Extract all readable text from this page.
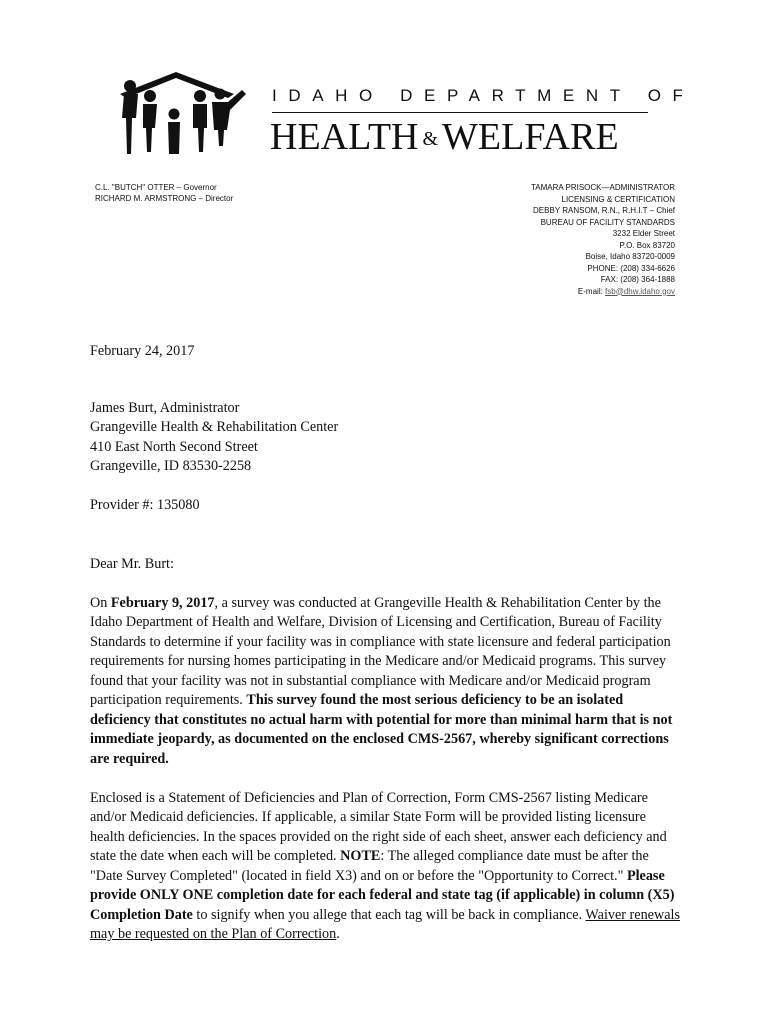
IDAHO DEPARTMENT OF
HEALTH & WELFARE
C.L. "BUTCH" OTTER – Governor
RICHARD M. ARMSTRONG – Director
TAMARA PRISOCK—ADMINISTRATOR
LICENSING & CERTIFICATION
DEBBY RANSOM, R.N., R.H.I.T – Chief
BUREAU OF FACILITY STANDARDS
3232 Elder Street
P.O. Box 83720
Boise, Idaho 83720-0009
PHONE: (208) 334-6626
FAX: (208) 364-1888
E-mail: fsb@dhw.idaho.gov

February 24, 2017

James Burt, Administrator

Grangeville Health & Rehabilitation Center

410 East North Second Street

Grangeville, ID 83530-2258

Provider #: 135080

Dear Mr. Burt:

On February 9, 2017, a survey was conducted at Grangeville Health & Rehabilitation Center by the Idaho Department of Health and Welfare, Division of Licensing and Certification, Bureau of Facility Standards to determine if your facility was in compliance with state licensure and federal participation requirements for nursing homes participating in the Medicare and/or Medicaid programs. This survey found that your facility was not in substantial compliance with Medicare and/or Medicaid program participation requirements. This survey found the most serious deficiency to be an isolated deficiency that constitutes no actual harm with potential for more than minimal harm that is not immediate jeopardy, as documented on the enclosed CMS-2567, whereby significant corrections are required.

Enclosed is a Statement of Deficiencies and Plan of Correction, Form CMS-2567 listing Medicare and/or Medicaid deficiencies. If applicable, a similar State Form will be provided listing licensure health deficiencies. In the spaces provided on the right side of each sheet, answer each deficiency and state the date when each will be completed. NOTE: The alleged compliance date must be after the "Date Survey Completed" (located in field X3) and on or before the "Opportunity to Correct." Please provide ONLY ONE completion date for each federal and state tag (if applicable) in column (X5) Completion Date to signify when you allege that each tag will be back in compliance. Waiver renewals may be requested on the Plan of Correction.
